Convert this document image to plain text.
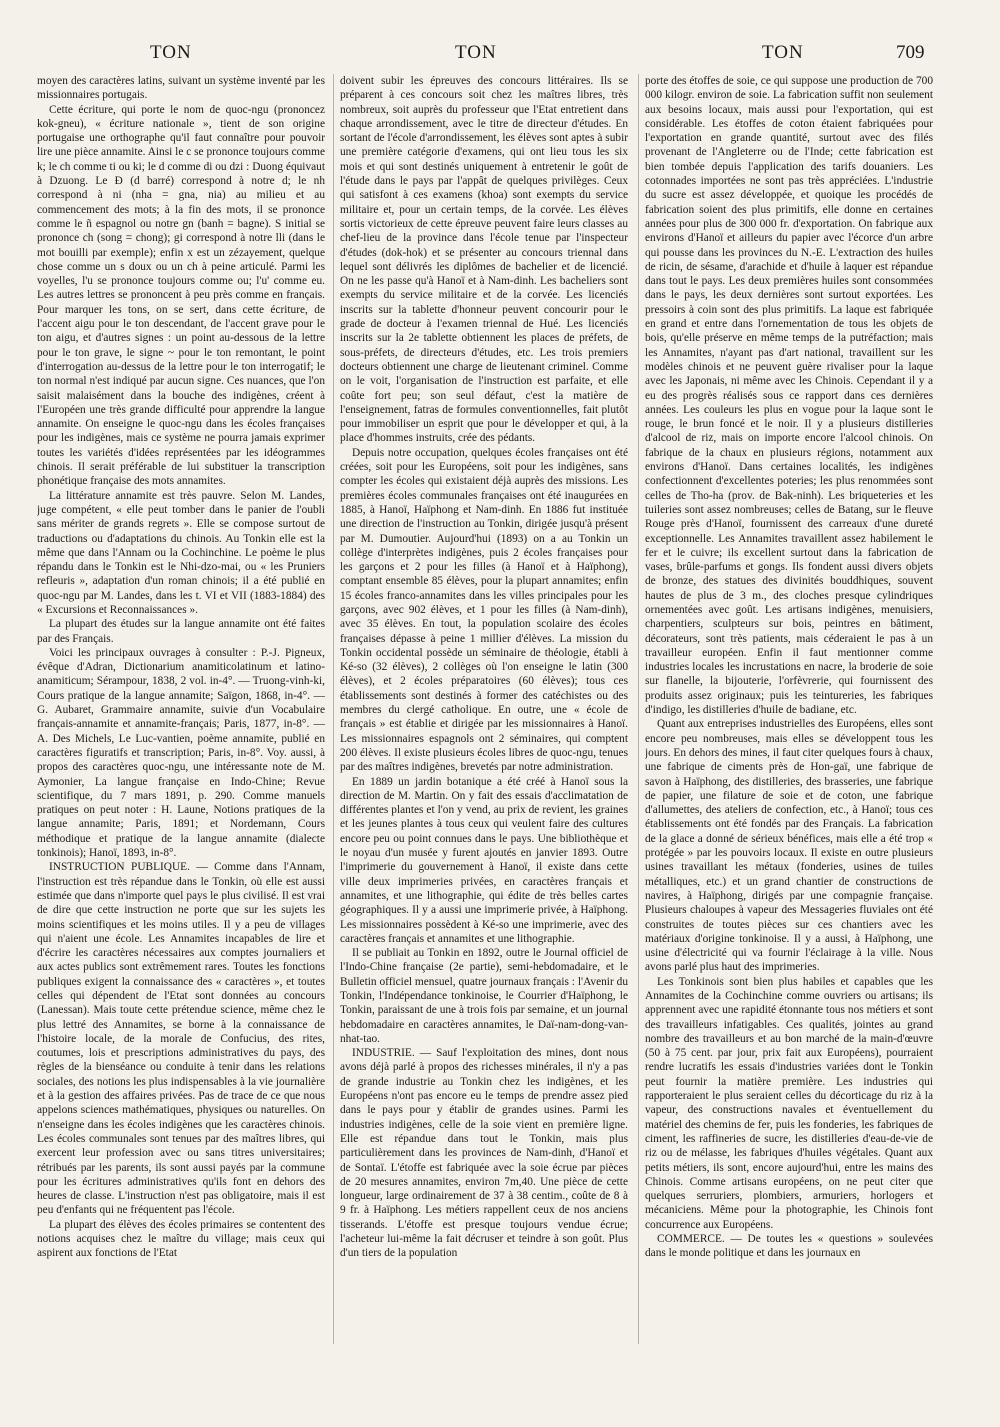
TON	TON	TON	709

moyen des caractères latins, suivant un système inventé par les missionnaires portugais.

Cette écriture, qui porte le nom de quoc-ngu (prononcez kok-gneu), « écriture nationale », tient de son origine portugaise une orthographe qu'il faut connaître pour pouvoir lire une pièce annamite. Ainsi le c se prononce toujours comme k; le ch comme ti ou ki; le d comme di ou dzi : Duong équivaut à Dzuong. Le Đ (d barré) correspond à notre d; le nh correspond à ni (nha = gna, nia) au milieu et au commencement des mots; à la fin des mots, il se prononce comme le ñ espagnol ou notre gn (banh = bagne). S initial se prononce ch (song = chong); gi correspond à notre lli (dans le mot bouilli par exemple); enfin x est un zézayement, quelque chose comme un s doux ou un ch à peine articulé. Parmi les voyelles, l'u se prononce toujours comme ou; l'u' comme eu. Les autres lettres se prononcent à peu près comme en français. Pour marquer les tons, on se sert, dans cette écriture, de l'accent aigu pour le ton descendant, de l'accent grave pour le ton aigu, et d'autres signes : un point au-dessous de la lettre pour le ton grave, le signe ~ pour le ton remontant, le point d'interrogation au-dessus de la lettre pour le ton interrogatif; le ton normal n'est indiqué par aucun signe. Ces nuances, que l'on saisit malaisément dans la bouche des indigènes, créent à l'Européen une très grande difficulté pour apprendre la langue annamite. On enseigne le quoc-ngu dans les écoles françaises pour les indigènes, mais ce système ne pourra jamais exprimer toutes les variétés d'idées représentées par les idéogrammes chinois. Il serait préférable de lui substituer la transcription phonétique française des mots annamites.

La littérature annamite est très pauvre. Selon M. Landes, juge compétent, « elle peut tomber dans le panier de l'oubli sans mériter de grands regrets ». Elle se compose surtout de traductions ou d'adaptations du chinois. Au Tonkin elle est la même que dans l'Annam ou la Cochinchine. Le poème le plus répandu dans le Tonkin est le Nhi-dzo-mai, ou « les Pruniers refleuris », adaptation d'un roman chinois; il a été publié en quoc-ngu par M. Landes, dans les t. VI et VII (1883-1884) des « Excursions et Reconnaissances ».

La plupart des études sur la langue annamite ont été faites par des Français.

Voici les principaux ouvrages à consulter : P.-J. Pigneux, évêque d'Adran, Dictionarium anamiticolatinum et latino-anamiticum; Sérampour, 1838, 2 vol. in-4°. — Truong-vinh-ki, Cours pratique de la langue annamite; Saïgon, 1868, in-4°. — G. Aubaret, Grammaire annamite, suivie d'un Vocabulaire français-annamite et annamite-français; Paris, 1877, in-8°. — A. Des Michels, Le Luc-vantien, poème annamite, publié en caractères figuratifs et transcription; Paris, in-8°. Voy. aussi, à propos des caractères quoc-ngu, une intéressante note de M. Aymonier, La langue française en Indo-Chine; Revue scientifique, du 7 mars 1891, p. 290. Comme manuels pratiques on peut noter : H. Laune, Notions pratiques de la langue annamite; Paris, 1891; et Nordemann, Cours méthodique et pratique de la langue annamite (dialecte tonkinois); Hanoï, 1893, in-8°.

INSTRUCTION PUBLIQUE. — Comme dans l'Annam, l'instruction est très répandue dans le Tonkin, où elle est aussi estimée que dans n'importe quel pays le plus civilisé. Il est vrai de dire que cette instruction ne porte que sur les sujets les moins scientifiques et les moins utiles. Il y a peu de villages qui n'aient une école. Les Annamites incapables de lire et d'écrire les caractères nécessaires aux comptes journaliers et aux actes publics sont extrêmement rares. Toutes les fonctions publiques exigent la connaissance des « caractères », et toutes celles qui dépendent de l'Etat sont données au concours (Lanessan). Mais toute cette prétendue science, même chez le plus lettré des Annamites, se borne à la connaissance de l'histoire locale, de la morale de Confucius, des rites, coutumes, lois et prescriptions administratives du pays, des règles de la bienséance ou conduite à tenir dans les relations sociales, des notions les plus indispensables à la vie journalière et à la gestion des affaires privées. Pas de trace de ce que nous appelons sciences mathématiques, physiques ou naturelles. On n'enseigne dans les écoles indigènes que les caractères chinois. Les écoles communales sont tenues par des maîtres libres, qui exercent leur profession avec ou sans titres universitaires; rétribués par les parents, ils sont aussi payés par la commune pour les écritures administratives qu'ils font en dehors des heures de classe. L'instruction n'est pas obligatoire, mais il est peu d'enfants qui ne fréquentent pas l'école.

La plupart des élèves des écoles primaires se contentent des notions acquises chez le maître du village; mais ceux qui aspirent aux fonctions de l'Etat

doivent subir les épreuves des concours littéraires. Ils se préparent à ces concours soit chez les maîtres libres, très nombreux, soit auprès du professeur que l'Etat entretient dans chaque arrondissement, avec le titre de directeur d'études. En sortant de l'école d'arrondissement, les élèves sont aptes à subir une première catégorie d'examens, qui ont lieu tous les six mois et qui sont destinés uniquement à entretenir le goût de l'étude dans le pays par l'appât de quelques privilèges. Ceux qui satisfont à ces examens (khoa) sont exempts du service militaire et, pour un certain temps, de la corvée. Les élèves sortis victorieux de cette épreuve peuvent faire leurs classes au chef-lieu de la province dans l'école tenue par l'inspecteur d'études (dok-hok) et se présenter au concours triennal dans lequel sont délivrés les diplômes de bachelier et de licencié. On ne les passe qu'à Hanoï et à Nam-dinh. Les bacheliers sont exempts du service militaire et de la corvée. Les licenciés inscrits sur la tablette d'honneur peuvent concourir pour le grade de docteur à l'examen triennal de Hué. Les licenciés inscrits sur la 2e tablette obtiennent les places de préfets, de sous-préfets, de directeurs d'études, etc. Les trois premiers docteurs obtiennent une charge de lieutenant criminel. Comme on le voit, l'organisation de l'instruction est parfaite, et elle coûte fort peu; son seul défaut, c'est la matière de l'enseignement, fatras de formules conventionnelles, fait plutôt pour immobiliser un esprit que pour le développer et qui, à la place d'hommes instruits, crée des pédants.

Depuis notre occupation, quelques écoles françaises ont été créées, soit pour les Européens, soit pour les indigènes, sans compter les écoles qui existaient déjà auprès des missions. Les premières écoles communales françaises ont été inaugurées en 1885, à Hanoï, Haïphong et Nam-dinh. En 1886 fut instituée une direction de l'instruction au Tonkin, dirigée jusqu'à présent par M. Dumoutier. Aujourd'hui (1893) on a au Tonkin un collège d'interprètes indigènes, puis 2 écoles françaises pour les garçons et 2 pour les filles (à Hanoï et à Haïphong), comptant ensemble 85 élèves, pour la plupart annamites; enfin 15 écoles franco-annamites dans les villes principales pour les garçons, avec 902 élèves, et 1 pour les filles (à Nam-dinh), avec 35 élèves. En tout, la population scolaire des écoles françaises dépasse à peine 1 millier d'élèves. La mission du Tonkin occidental possède un séminaire de théologie, établi à Ké-so (32 élèves), 2 collèges où l'on enseigne le latin (300 élèves), et 2 écoles préparatoires (60 élèves); tous ces établissements sont destinés à former des catéchistes ou des membres du clergé catholique. En outre, une « école de français » est établie et dirigée par les missionnaires à Hanoï. Les missionnaires espagnols ont 2 séminaires, qui comptent 200 élèves. Il existe plusieurs écoles libres de quoc-ngu, tenues par des maîtres indigènes, brevetés par notre administration.

En 1889 un jardin botanique a été créé à Hanoï sous la direction de M. Martin. On y fait des essais d'acclimatation de différentes plantes et l'on y vend, au prix de revient, les graines et les jeunes plantes à tous ceux qui veulent faire des cultures encore peu ou point connues dans le pays. Une bibliothèque et le noyau d'un musée y furent ajoutés en janvier 1893. Outre l'imprimerie du gouvernement à Hanoï, il existe dans cette ville deux imprimeries privées, en caractères français et annamites, et une lithographie, qui édite de très belles cartes géographiques. Il y a aussi une imprimerie privée, à Haïphong. Les missionnaires possèdent à Ké-so une imprimerie, avec des caractères français et annamites et une lithographie.

Il se publiait au Tonkin en 1892, outre le Journal officiel de l'Indo-Chine française (2e partie), semi-hebdomadaire, et le Bulletin officiel mensuel, quatre journaux français : l'Avenir du Tonkin, l'Indépendance tonkinoise, le Courrier d'Haïphong, le Tonkin, paraissant de une à trois fois par semaine, et un journal hebdomadaire en caractères annamites, le Daï-nam-dong-van-nhat-tao.

INDUSTRIE. — Sauf l'exploitation des mines, dont nous avons déjà parlé à propos des richesses minérales, il n'y a pas de grande industrie au Tonkin chez les indigènes, et les Européens n'ont pas encore eu le temps de prendre assez pied dans le pays pour y établir de grandes usines. Parmi les industries indigènes, celle de la soie vient en première ligne. Elle est répandue dans tout le Tonkin, mais plus particulièrement dans les provinces de Nam-dinh, d'Hanoï et de Sontaï. L'étoffe est fabriquée avec la soie écrue par pièces de 20 mesures annamites, environ 7m,40. Une pièce de cette longueur, large ordinairement de 37 à 38 centim., coûte de 8 à 9 fr. à Haïphong. Les métiers rappellent ceux de nos anciens tisserands. L'étoffe est presque toujours vendue écrue; l'acheteur lui-même la fait décruser et teindre à son goût. Plus d'un tiers de la population

porte des étoffes de soie, ce qui suppose une production de 700 000 kilogr. environ de soie. La fabrication suffit non seulement aux besoins locaux, mais aussi pour l'exportation, qui est considérable. Les étoffes de coton étaient fabriquées pour l'exportation en grande quantité, surtout avec des filés provenant de l'Angleterre ou de l'Inde; cette fabrication est bien tombée depuis l'application des tarifs douaniers. Les cotonnades importées ne sont pas très appréciées. L'industrie du sucre est assez développée, et quoique les procédés de fabrication soient des plus primitifs, elle donne en certaines années pour plus de 300 000 fr. d'exportation. On fabrique aux environs d'Hanoï et ailleurs du papier avec l'écorce d'un arbre qui pousse dans les provinces du N.-E. L'extraction des huiles de ricin, de sésame, d'arachide et d'huile à laquer est répandue dans tout le pays. Les deux premières huiles sont consommées dans le pays, les deux dernières sont surtout exportées. Les pressoirs à coin sont des plus primitifs. La laque est fabriquée en grand et entre dans l'ornementation de tous les objets de bois, qu'elle préserve en même temps de la putréfaction; mais les Annamites, n'ayant pas d'art national, travaillent sur les modèles chinois et ne peuvent guère rivaliser pour la laque avec les Japonais, ni même avec les Chinois. Cependant il y a eu des progrès réalisés sous ce rapport dans ces dernières années. Les couleurs les plus en vogue pour la laque sont le rouge, le brun foncé et le noir. Il y a plusieurs distilleries d'alcool de riz, mais on importe encore l'alcool chinois. On fabrique de la chaux en plusieurs régions, notamment aux environs d'Hanoï. Dans certaines localités, les indigènes confectionnent d'excellentes poteries; les plus renommées sont celles de Tho-ha (prov. de Bak-ninh). Les briqueteries et les tuileries sont assez nombreuses; celles de Batang, sur le fleuve Rouge près d'Hanoï, fournissent des carreaux d'une dureté exceptionnelle. Les Annamites travaillent assez habilement le fer et le cuivre; ils excellent surtout dans la fabrication de vases, brûle-parfums et gongs. Ils fondent aussi divers objets de bronze, des statues des divinités bouddhiques, souvent hautes de plus de 3 m., des cloches presque cylindriques ornementées avec goût. Les artisans indigènes, menuisiers, charpentiers, sculpteurs sur bois, peintres en bâtiment, décorateurs, sont très patients, mais céderaient le pas à un travailleur européen. Enfin il faut mentionner comme industries locales les incrustations en nacre, la broderie de soie sur flanelle, la bijouterie, l'orfèvrerie, qui fournissent des produits assez originaux; puis les teintureries, les fabriques d'indigo, les distilleries d'huile de badiane, etc.

Quant aux entreprises industrielles des Européens, elles sont encore peu nombreuses, mais elles se développent tous les jours. En dehors des mines, il faut citer quelques fours à chaux, une fabrique de ciments près de Hon-gaï, une fabrique de savon à Haïphong, des distilleries, des brasseries, une fabrique de papier, une filature de soie et de coton, une fabrique d'allumettes, des ateliers de confection, etc., à Hanoï; tous ces établissements ont été fondés par des Français. La fabrication de la glace a donné de sérieux bénéfices, mais elle a été trop « protégée » par les pouvoirs locaux. Il existe en outre plusieurs usines travaillant les métaux (fonderies, usines de tuiles métalliques, etc.) et un grand chantier de constructions de navires, à Haïphong, dirigés par une compagnie française. Plusieurs chaloupes à vapeur des Messageries fluviales ont été construites de toutes pièces sur ces chantiers avec les matériaux d'origine tonkinoise. Il y a aussi, à Haïphong, une usine d'électricité qui va fournir l'éclairage à la ville. Nous avons parlé plus haut des imprimeries.

Les Tonkinois sont bien plus habiles et capables que les Annamites de la Cochinchine comme ouvriers ou artisans; ils apprennent avec une rapidité étonnante tous nos métiers et sont des travailleurs infatigables. Ces qualités, jointes au grand nombre des travailleurs et au bon marché de la main-d'œuvre (50 à 75 cent. par jour, prix fait aux Européens), pourraient rendre lucratifs les essais d'industries variées dont le Tonkin peut fournir la matière première. Les industries qui rapporteraient le plus seraient celles du décorticage du riz à la vapeur, des constructions navales et éventuellement du matériel des chemins de fer, puis les fonderies, les fabriques de ciment, les raffineries de sucre, les distilleries d'eau-de-vie de riz ou de mélasse, les fabriques d'huiles végétales. Quant aux petits métiers, ils sont, encore aujourd'hui, entre les mains des Chinois. Comme artisans européens, on ne peut citer que quelques serruriers, plombiers, armuriers, horlogers et mécaniciens. Même pour la photographie, les Chinois font concurrence aux Européens.

COMMERCE. — De toutes les « questions » soulevées dans le monde politique et dans les journaux en
